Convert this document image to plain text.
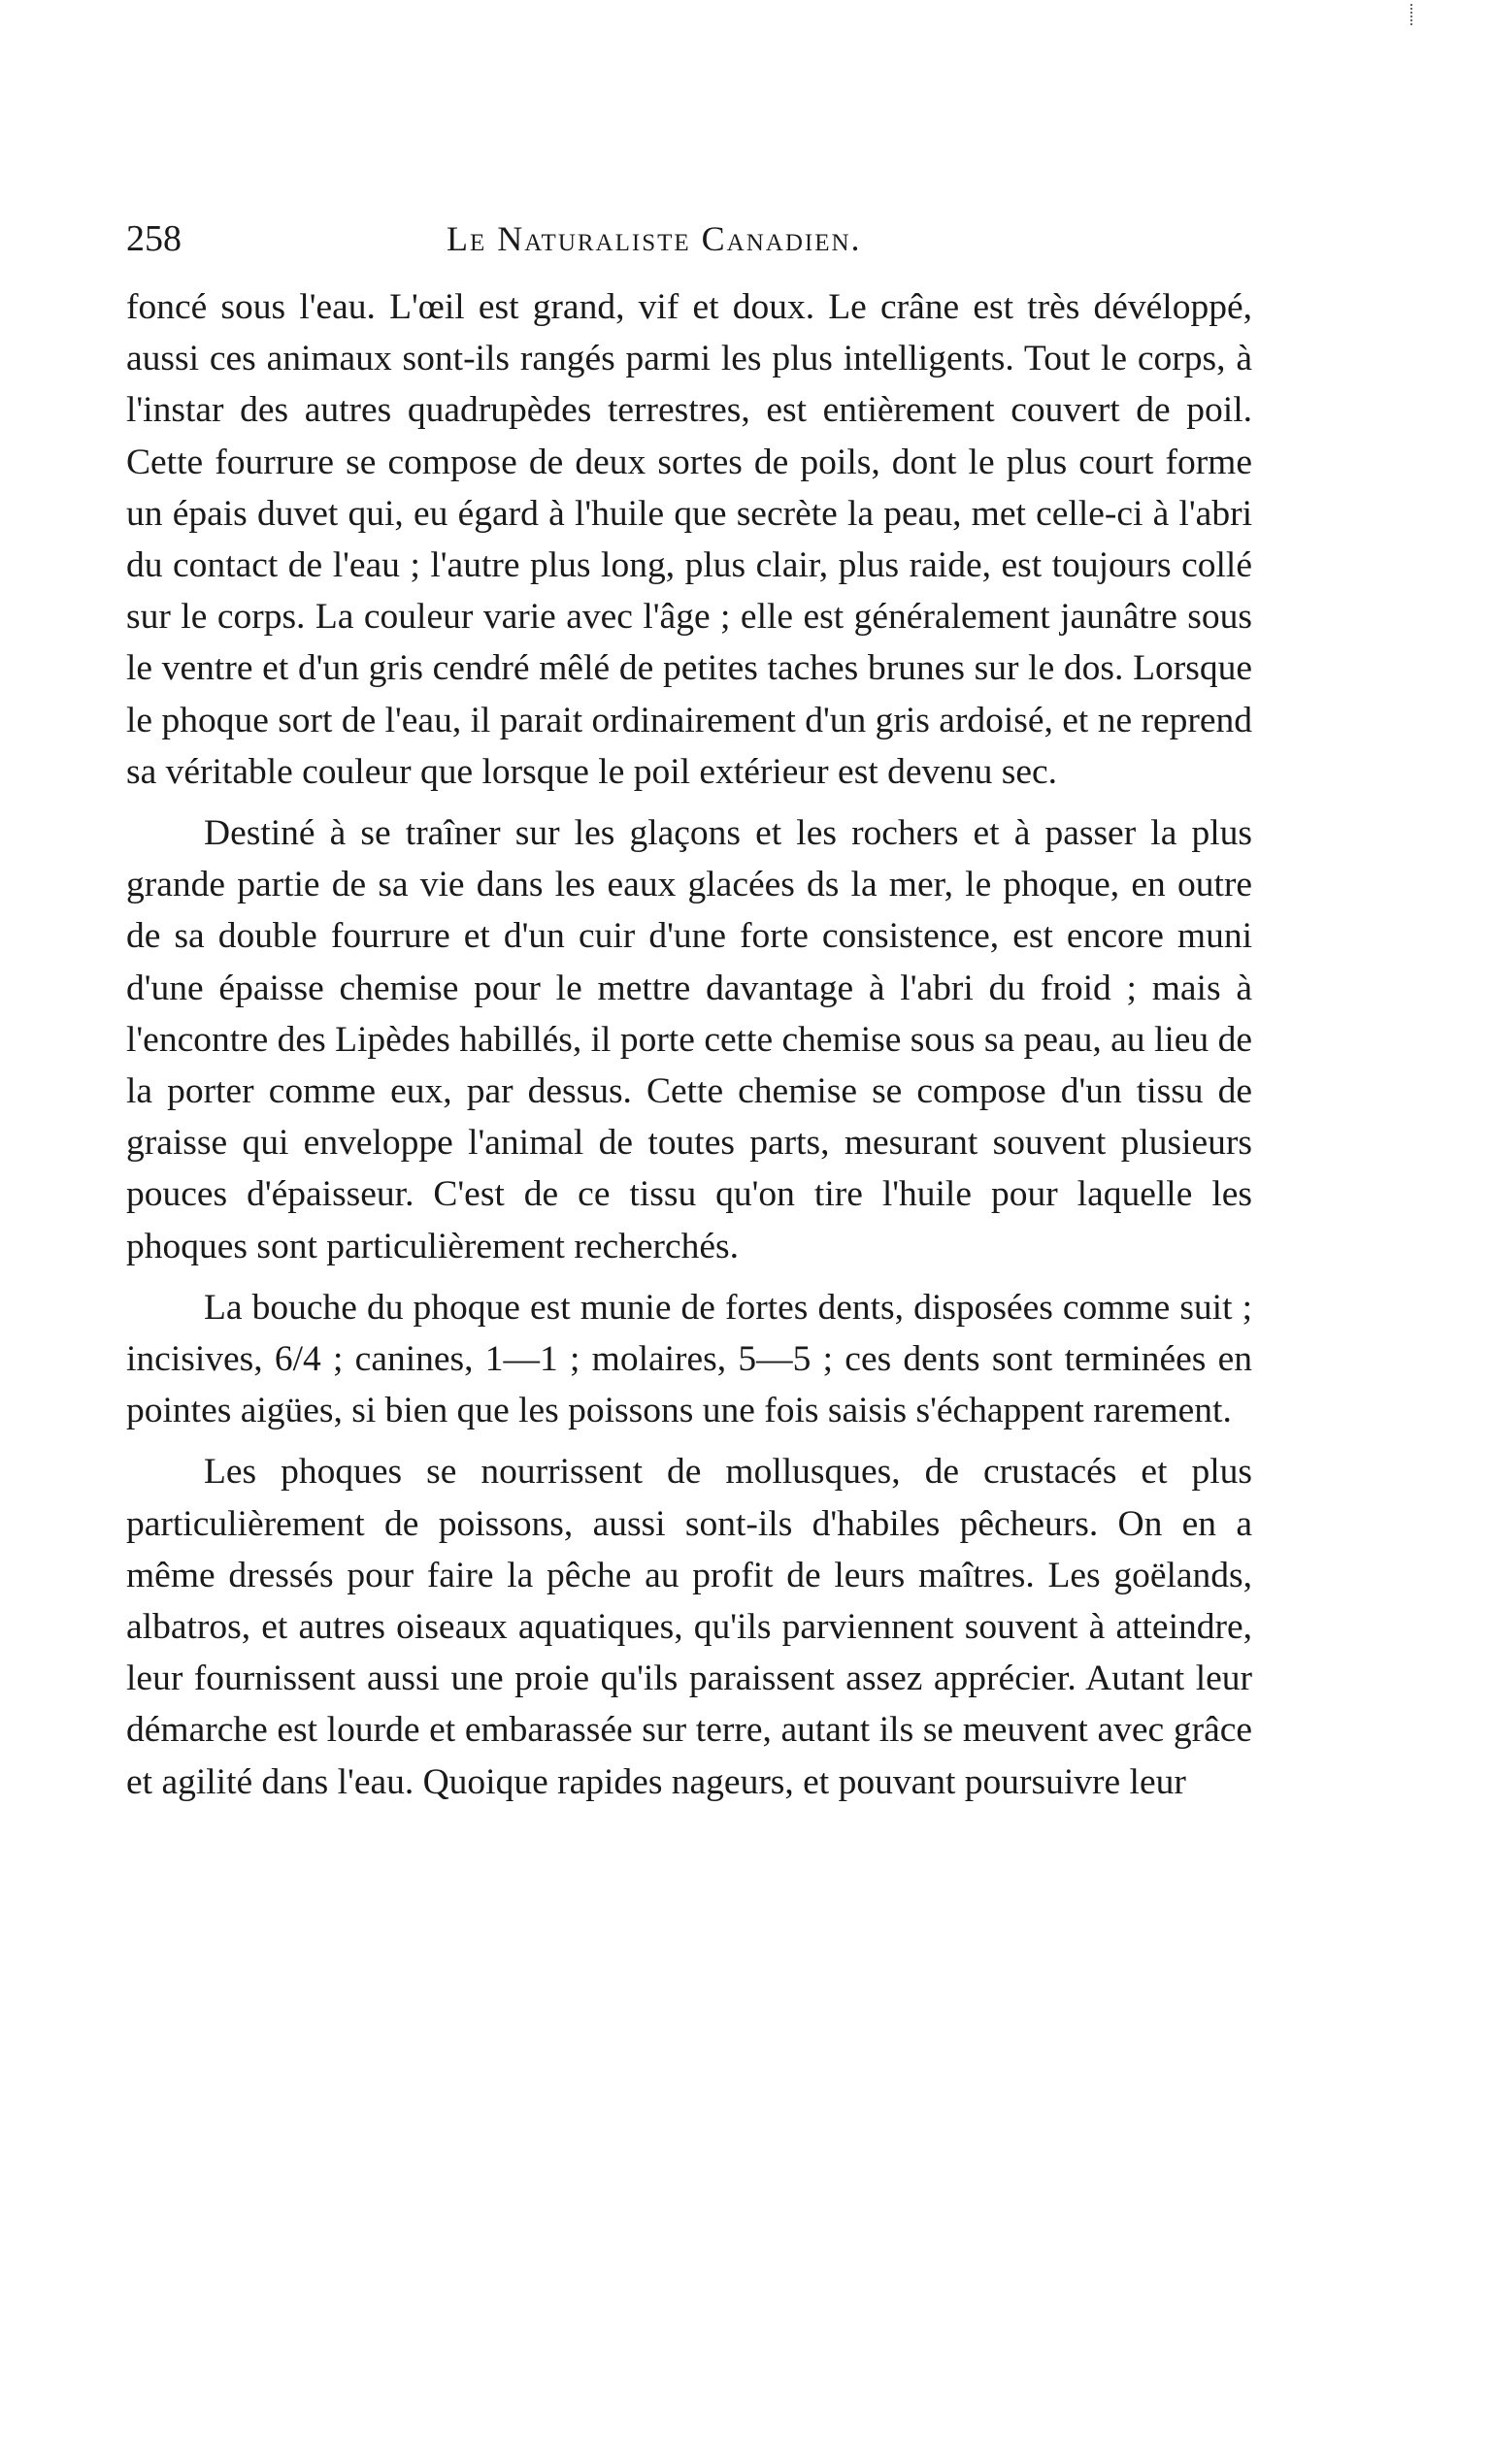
258	Le Naturaliste Canadien.

foncé sous l'eau. L'œil est grand, vif et doux. Le crâne est très dévéloppé, aussi ces animaux sont-ils rangés parmi les plus intelligents. Tout le corps, à l'instar des autres quadrupèdes terrestres, est entièrement couvert de poil. Cette fourrure se compose de deux sortes de poils, dont le plus court forme un épais duvet qui, eu égard à l'huile que secrète la peau, met celle-ci à l'abri du contact de l'eau ; l'autre plus long, plus clair, plus raide, est toujours collé sur le corps. La couleur varie avec l'âge ; elle est généralement jaunâtre sous le ventre et d'un gris cendré mêlé de petites taches brunes sur le dos. Lorsque le phoque sort de l'eau, il parait ordinairement d'un gris ardoisé, et ne reprend sa véritable couleur que lorsque le poil extérieur est devenu sec.

Destiné à se traîner sur les glaçons et les rochers et à passer la plus grande partie de sa vie dans les eaux glacées ds la mer, le phoque, en outre de sa double fourrure et d'un cuir d'une forte consistence, est encore muni d'une épaisse chemise pour le mettre davantage à l'abri du froid ; mais à l'encontre des Lipèdes habillés, il porte cette chemise sous sa peau, au lieu de la porter comme eux, par dessus. Cette chemise se compose d'un tissu de graisse qui enveloppe l'animal de toutes parts, mesurant souvent plusieurs pouces d'épaisseur. C'est de ce tissu qu'on tire l'huile pour laquelle les phoques sont particulièrement recherchés.

La bouche du phoque est munie de fortes dents, disposées comme suit ; incisives, 6/4 ; canines, 1—1 ; molaires, 5—5 ; ces dents sont terminées en pointes aigües, si bien que les poissons une fois saisis s'échappent rarement.

Les phoques se nourrissent de mollusques, de crustacés et plus particulièrement de poissons, aussi sont-ils d'habiles pêcheurs. On en a même dressés pour faire la pêche au profit de leurs maîtres. Les goëlands, albatros, et autres oiseaux aquatiques, qu'ils parviennent souvent à atteindre, leur fournissent aussi une proie qu'ils paraissent assez apprécier. Autant leur démarche est lourde et embarassée sur terre, autant ils se meuvent avec grâce et agilité dans l'eau. Quoique rapides nageurs, et pouvant poursuivre leur
